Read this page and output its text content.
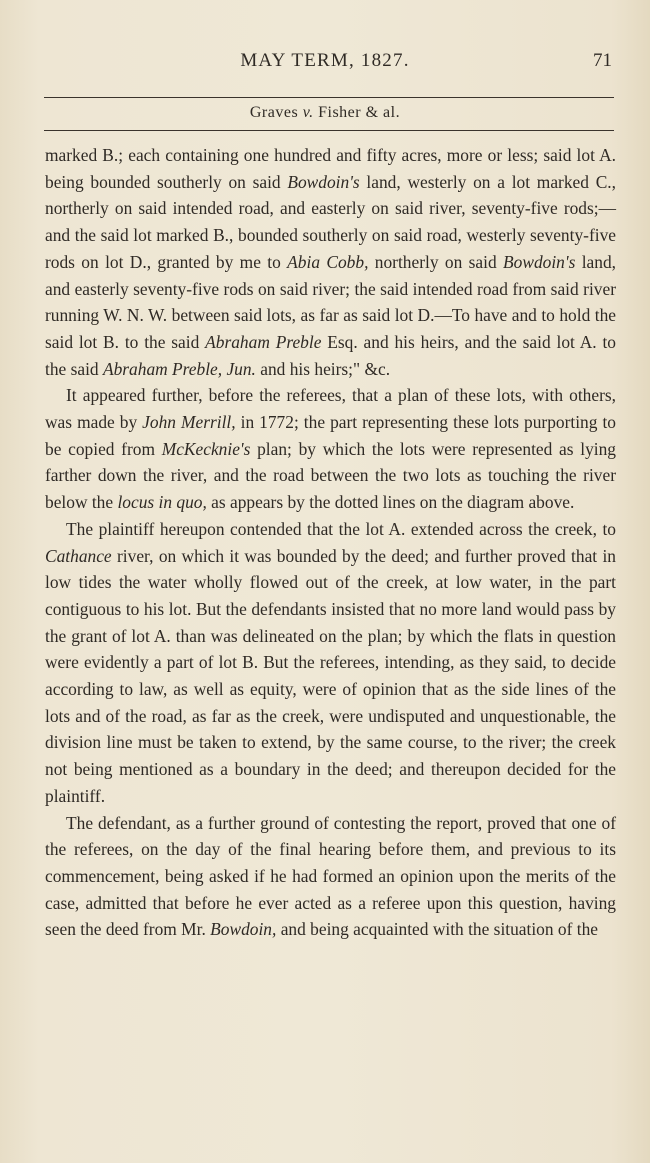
MAY TERM, 1827.	71
Graves v. Fisher & al.

marked B.; each containing one hundred and fifty acres, more or less; said lot A. being bounded southerly on said Bowdoin's land, westerly on a lot marked C., northerly on said intended road, and easterly on said river, seventy-five rods;—and the said lot marked B., bounded southerly on said road, westerly seventy-five rods on lot D., granted by me to Abia Cobb, northerly on said Bowdoin's land, and easterly seventy-five rods on said river; the said intended road from said river running W. N. W. between said lots, as far as said lot D.—To have and to hold the said lot B. to the said Abraham Preble Esq. and his heirs, and the said lot A. to the said Abraham Preble, Jun. and his heirs;" &c.

It appeared further, before the referees, that a plan of these lots, with others, was made by John Merrill, in 1772; the part representing these lots purporting to be copied from McKecknie's plan; by which the lots were represented as lying farther down the river, and the road between the two lots as touching the river below the locus in quo, as appears by the dotted lines on the diagram above.

The plaintiff hereupon contended that the lot A. extended across the creek, to Cathance river, on which it was bounded by the deed; and further proved that in low tides the water wholly flowed out of the creek, at low water, in the part contiguous to his lot. But the defendants insisted that no more land would pass by the grant of lot A. than was delineated on the plan; by which the flats in question were evidently a part of lot B. But the referees, intending, as they said, to decide according to law, as well as equity, were of opinion that as the side lines of the lots and of the road, as far as the creek, were undisputed and unquestionable, the division line must be taken to extend, by the same course, to the river; the creek not being mentioned as a boundary in the deed; and thereupon decided for the plaintiff.

The defendant, as a further ground of contesting the report, proved that one of the referees, on the day of the final hearing before them, and previous to its commencement, being asked if he had formed an opinion upon the merits of the case, admitted that before he ever acted as a referee upon this question, having seen the deed from Mr. Bowdoin, and being acquainted with the situation of the
